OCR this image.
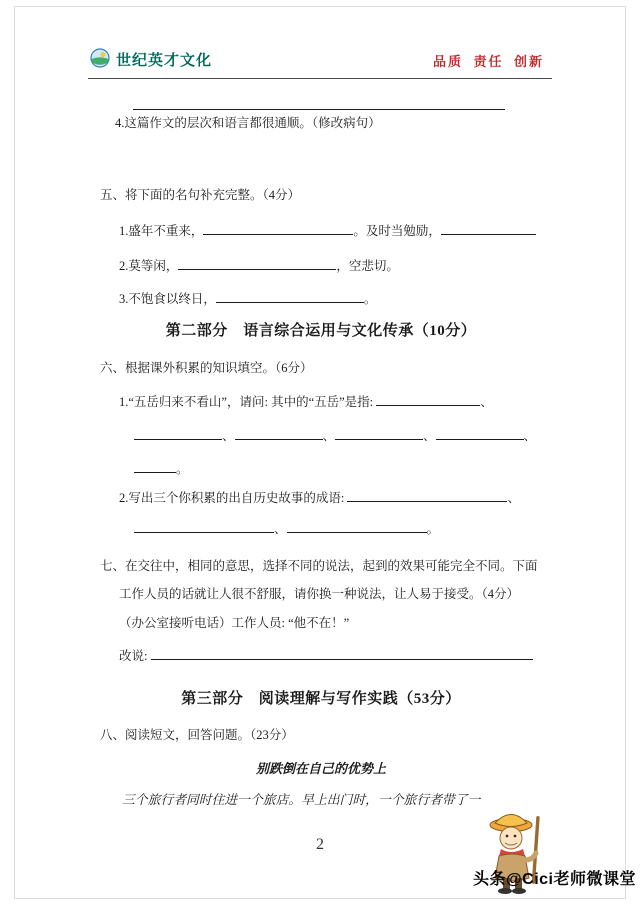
世纪英才文化	品质  责任  创新
4.这篇作文的层次和语言都很通顺。（修改病句）
五、将下面的名句补充完整。（4分）
1.盛年不重来，	。及时当勉励，
2.莫等闲，	，空悲切。
3.不饱食以终日，	。
第二部分　语言综合运用与文化传承（10分）
六、根据课外积累的知识填空。（6分）
1.“五岳归来不看山”，请问: 其中的“五岳”是指:	、
、	、	、	、
。
2.写出三个你积累的出自历史故事的成语:	、
、	。
七、在交往中，相同的意思，选择不同的说法，起到的效果可能完全不同。下面
工作人员的话就让人很不舒服，请你换一种说法，让人易于接受。（4分）
（办公室接听电话）工作人员: “他不在！”
改说:
第三部分　阅读理解与写作实践（53分）
八、阅读短文，回答问题。（23分）
别跌倒在自己的优势上
三个旅行者同时住进一个旅店。早上出门时，一个旅行者带了一
2
头条@Cici老师微课堂
